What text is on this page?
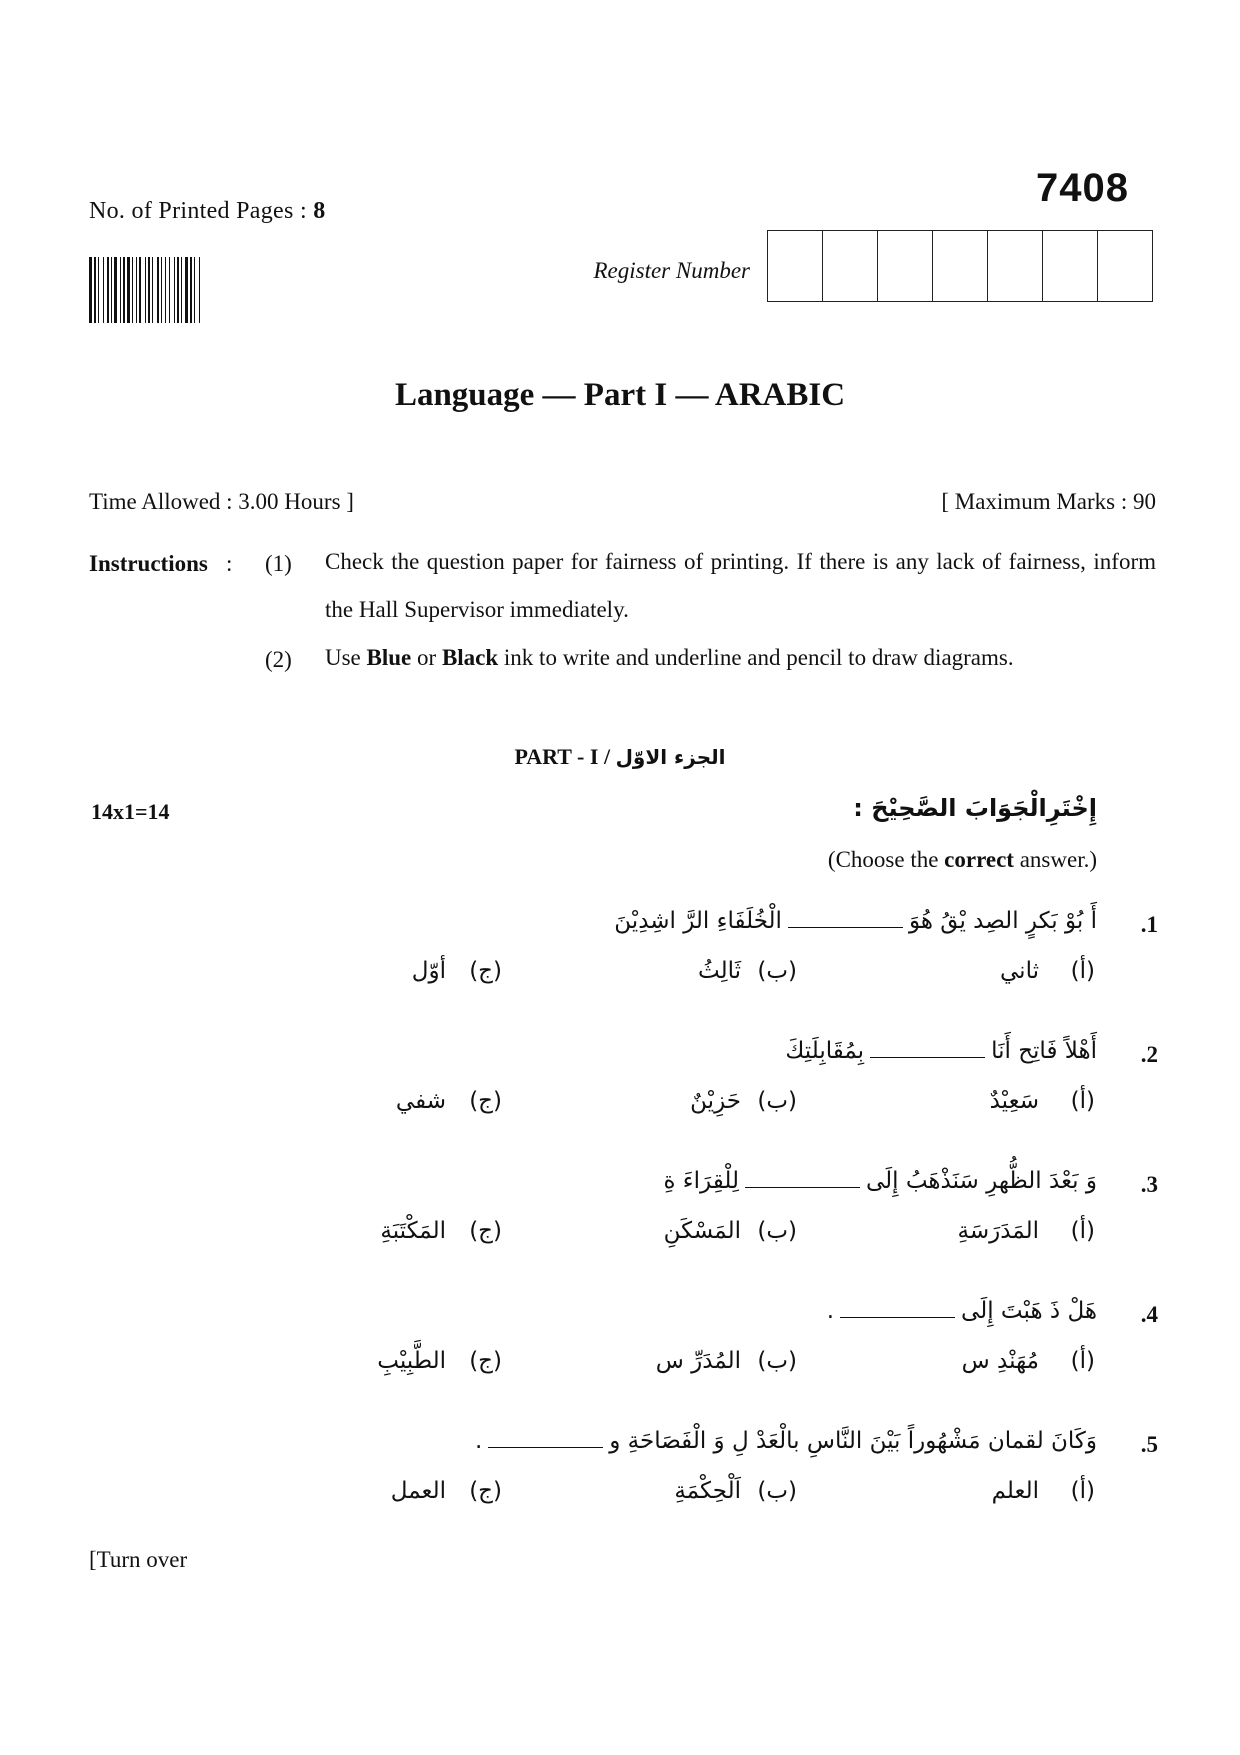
No. of Printed Pages : 8
7408
Register Number
Language — Part I — ARABIC
Time Allowed : 3.00 Hours ]	[ Maximum Marks : 90
Instructions : (1) Check the question paper for fairness of printing. If there is any lack of fairness, inform the Hall Supervisor immediately.
(2) Use Blue or Black ink to write and underline and pencil to draw diagrams.
PART - I / الجزء الاوّل
14x1=14	إِخْتَرِالْجَوَابَ الصَّحِيْحَ :
(Choose the correct answer.)
.1
أَ بُوْ بَكرٍ الصِد يْقُ هُوَالْخُلَفَاءِ الرَّ اشِدِيْنَ
(أ)ثاني
(ب)ثَالِثُ
(ج)أوّل
.2
أَهْلاً فَاتِح أَنَابِمُقَابِلَتِكَ
(أ)سَعِيْدٌ
(ب)حَزِيْنٌ
(ج)شفي
.3
وَ بَعْدَ الظُّهرِ سَنَذْهَبُ إِلَىلِلْقِرَاءَ ةِ
(أ)المَدَرَسَةِ
(ب)المَسْكَنِ
(ج)المَكْتَبَةِ
.4
هَلْ ذَ هَبْتَ إِلَى.
(أ)مُهَنْدِ س
(ب)المُدَرِّ س
(ج)الطَّبِيْبِ
.5
وَكَانَ لقمان مَشْهُوراً بَيْنَ النَّاسِ بالْعَدْ لِ وَ الْفَصَاحَةِ و.
(أ)العلم
(ب)اَلْحِكْمَةِ
(ج)العمل
[Turn over
